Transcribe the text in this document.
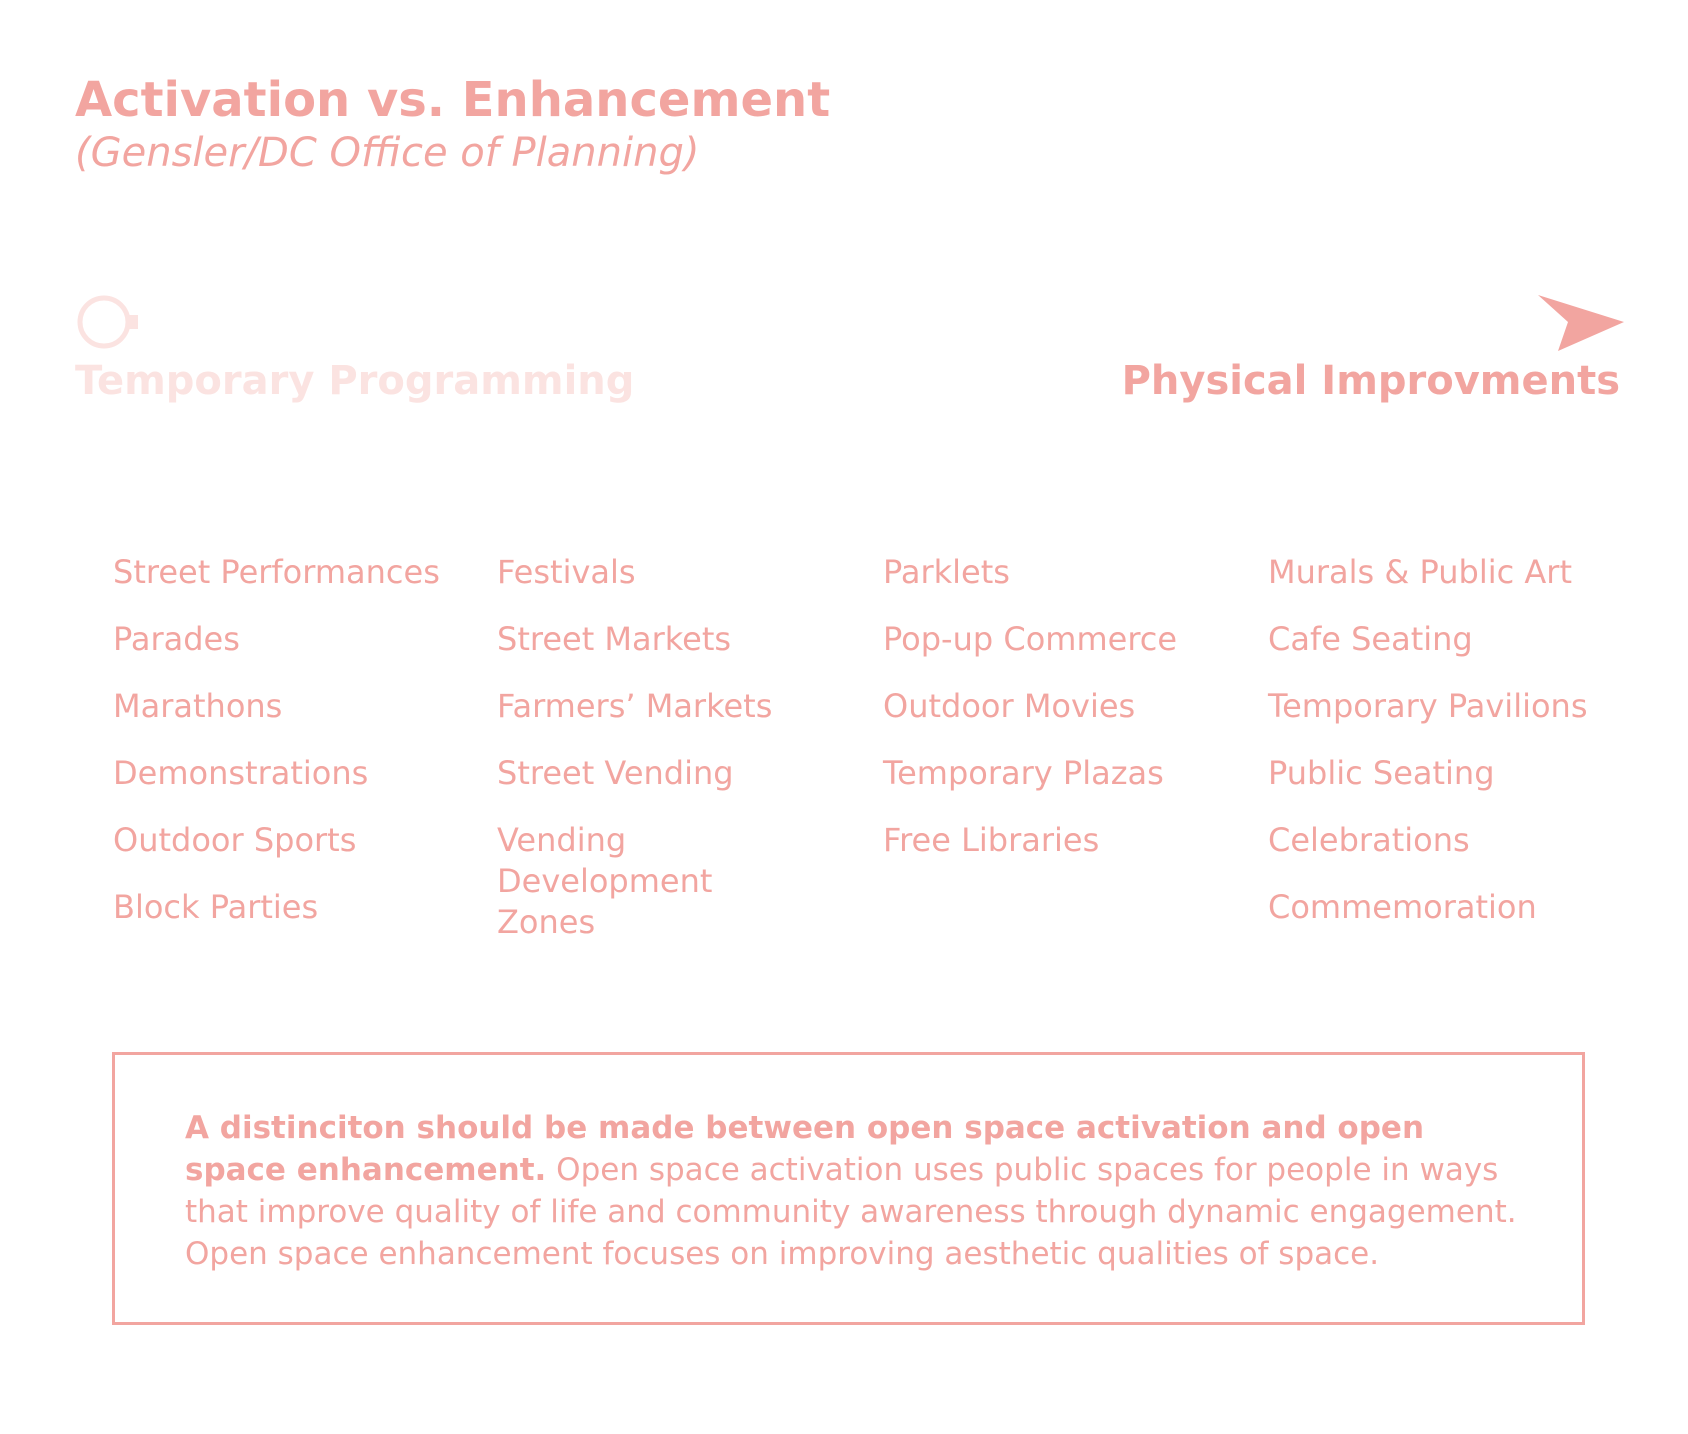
Activation vs. Enhancement
(Gensler/DC Office of Planning)
Temporary Programming	Physical Improvments
Street Performances
Parades
Marathons
Demonstrations
Outdoor Sports
Block Parties
Festivals
Street Markets
Farmers’ Markets
Street Vending
Vending Development Zones
Parklets
Pop-up Commerce
Outdoor Movies
Temporary Plazas
Free Libraries
Murals & Public Art
Cafe Seating
Temporary Pavilions
Public Seating
Celebrations
Commemoration
A distinciton should be made between open space activation and open space enhancement. Open space activation uses public spaces for people in ways that improve quality of life and community awareness through dynamic engagement. Open space enhancement focuses on improving aesthetic qualities of space.
